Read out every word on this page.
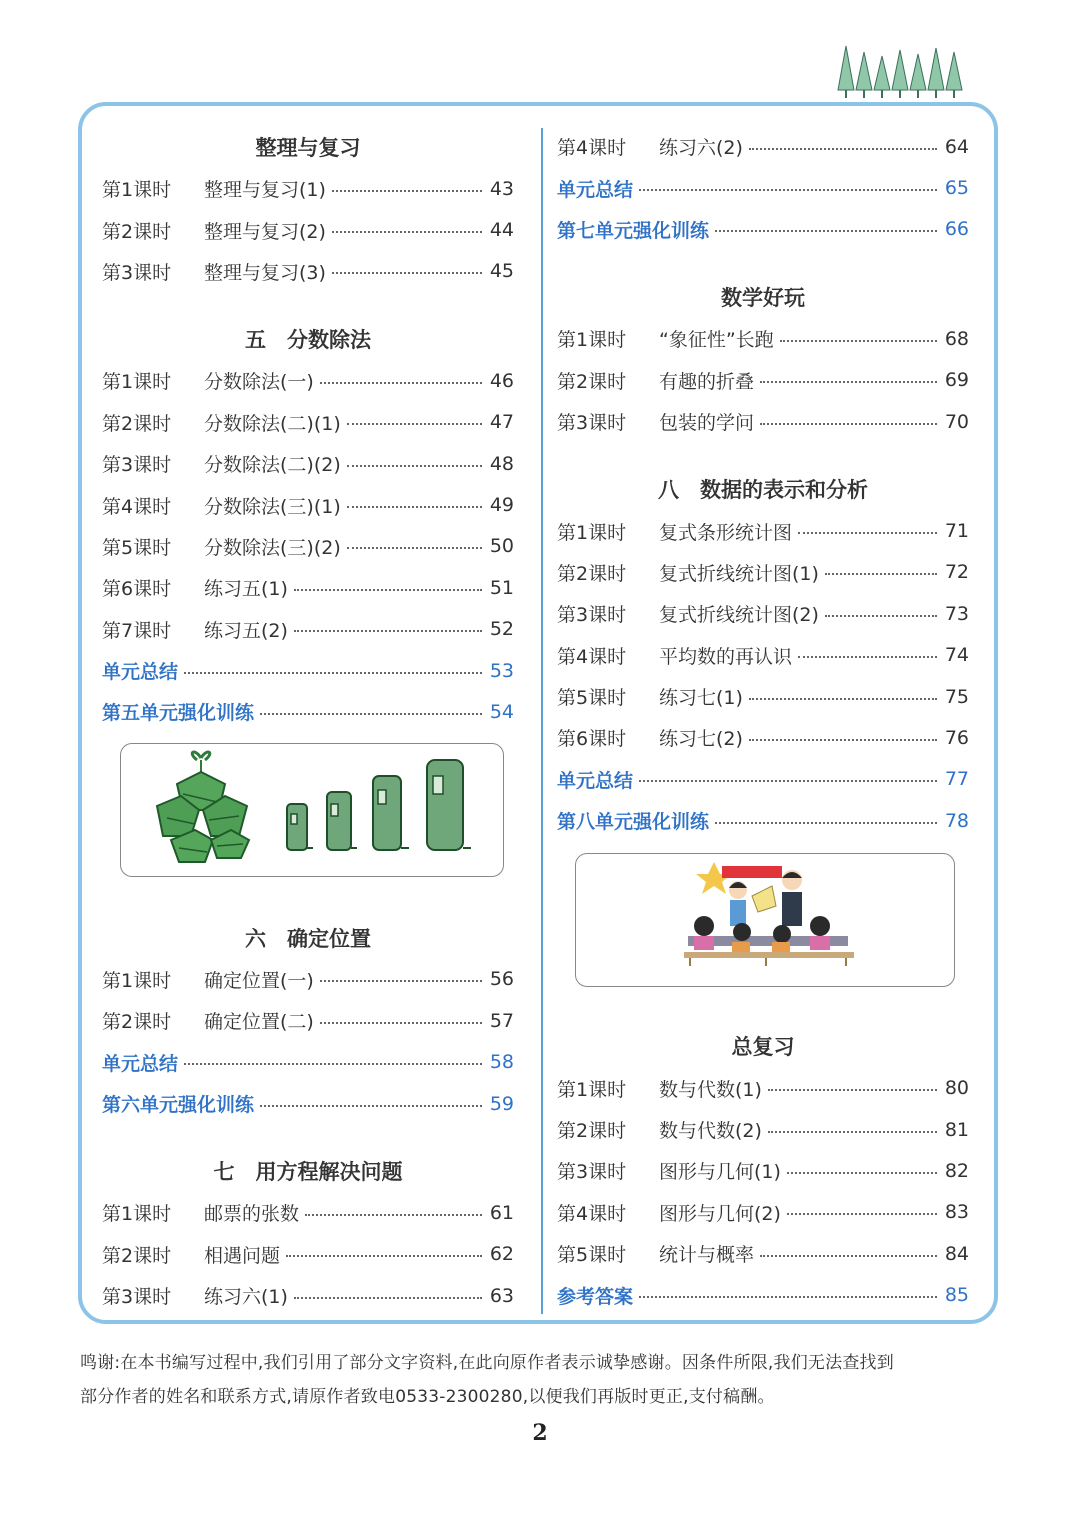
整理与复习
第1课时	整理与复习(1)	43
第2课时	整理与复习(2)	44
第3课时	整理与复习(3)	45
五　分数除法
第1课时	分数除法(一)	46
第2课时	分数除法(二)(1)	47
第3课时	分数除法(二)(2)	48
第4课时	分数除法(三)(1)	49
第5课时	分数除法(三)(2)	50
第6课时	练习五(1)	51
第7课时	练习五(2)	52
单元总结	53
第五单元强化训练	54
六　确定位置
第1课时	确定位置(一)	56
第2课时	确定位置(二)	57
单元总结	58
第六单元强化训练	59
七　用方程解决问题
第1课时	邮票的张数	61
第2课时	相遇问题	62
第3课时	练习六(1)	63
第4课时	练习六(2)	64
单元总结	65
第七单元强化训练	66
数学好玩
第1课时	“象征性”长跑	68
第2课时	有趣的折叠	69
第3课时	包装的学问	70
八　数据的表示和分析
第1课时	复式条形统计图	71
第2课时	复式折线统计图(1)	72
第3课时	复式折线统计图(2)	73
第4课时	平均数的再认识	74
第5课时	练习七(1)	75
第6课时	练习七(2)	76
单元总结	77
第八单元强化训练	78
总复习
第1课时	数与代数(1)	80
第2课时	数与代数(2)	81
第3课时	图形与几何(1)	82
第4课时	图形与几何(2)	83
第5课时	统计与概率	84
参考答案	85
鸣谢:在本书编写过程中,我们引用了部分文字资料,在此向原作者表示诚挚感谢。因条件所限,我们无法查找到
部分作者的姓名和联系方式,请原作者致电0533-2300280,以便我们再版时更正,支付稿酬。
2
